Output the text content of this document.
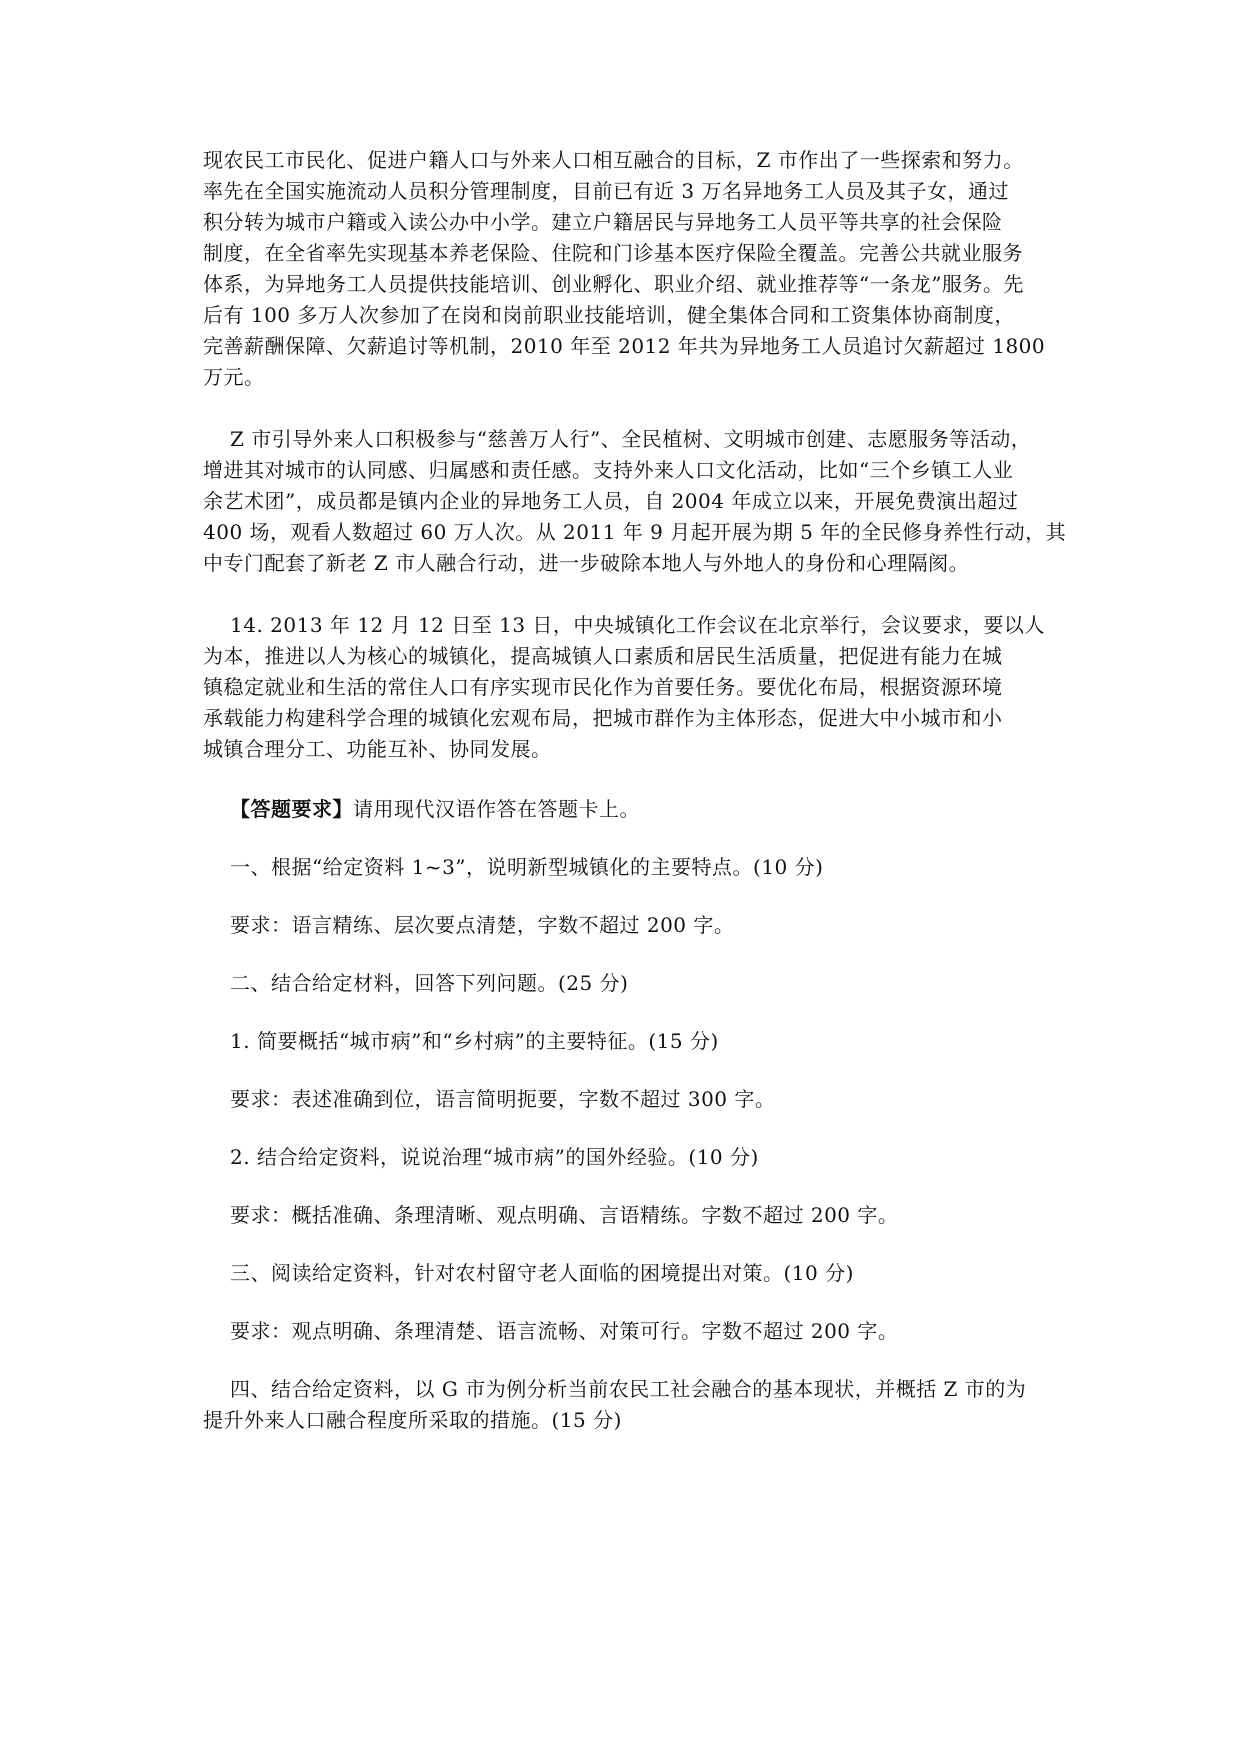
现农民工市民化、促进户籍人口与外来人口相互融合的目标，Z 市作出了一些探索和努力。
率先在全国实施流动人员积分管理制度，目前已有近 3 万名异地务工人员及其子女，通过
积分转为城市户籍或入读公办中小学。建立户籍居民与异地务工人员平等共享的社会保险
制度，在全省率先实现基本养老保险、住院和门诊基本医疗保险全覆盖。完善公共就业服务
体系，为异地务工人员提供技能培训、创业孵化、职业介绍、就业推荐等“一条龙”服务。先
后有 100 多万人次参加了在岗和岗前职业技能培训，健全集体合同和工资集体协商制度，
完善薪酬保障、欠薪追讨等机制，2010 年至 2012 年共为异地务工人员追讨欠薪超过 1800
万元。
Z 市引导外来人口积极参与“慈善万人行”、全民植树、文明城市创建、志愿服务等活动，
增进其对城市的认同感、归属感和责任感。支持外来人口文化活动，比如“三个乡镇工人业
余艺术团”，成员都是镇内企业的异地务工人员，自 2004 年成立以来，开展免费演出超过
400 场，观看人数超过 60 万人次。从 2011 年 9 月起开展为期 5 年的全民修身养性行动，其
中专门配套了新老 Z 市人融合行动，进一步破除本地人与外地人的身份和心理隔阂。
14. 2013 年 12 月 12 日至 13 日，中央城镇化工作会议在北京举行，会议要求，要以人
为本，推进以人为核心的城镇化，提高城镇人口素质和居民生活质量，把促进有能力在城
镇稳定就业和生活的常住人口有序实现市民化作为首要任务。要优化布局，根据资源环境
承载能力构建科学合理的城镇化宏观布局，把城市群作为主体形态，促进大中小城市和小
城镇合理分工、功能互补、协同发展。
【答题要求】请用现代汉语作答在答题卡上。
一、根据“给定资料 1~3”，说明新型城镇化的主要特点。(10 分)
要求：语言精练、层次要点清楚，字数不超过 200 字。
二、结合给定材料，回答下列问题。(25 分)
1. 简要概括“城市病”和“乡村病”的主要特征。(15 分)
要求：表述准确到位，语言简明扼要，字数不超过 300 字。
2. 结合给定资料，说说治理“城市病”的国外经验。(10 分)
要求：概括准确、条理清晰、观点明确、言语精练。字数不超过 200 字。
三、阅读给定资料，针对农村留守老人面临的困境提出对策。(10 分)
要求：观点明确、条理清楚、语言流畅、对策可行。字数不超过 200 字。
四、结合给定资料，以 G 市为例分析当前农民工社会融合的基本现状，并概括 Z 市的为
提升外来人口融合程度所采取的措施。(15 分)
